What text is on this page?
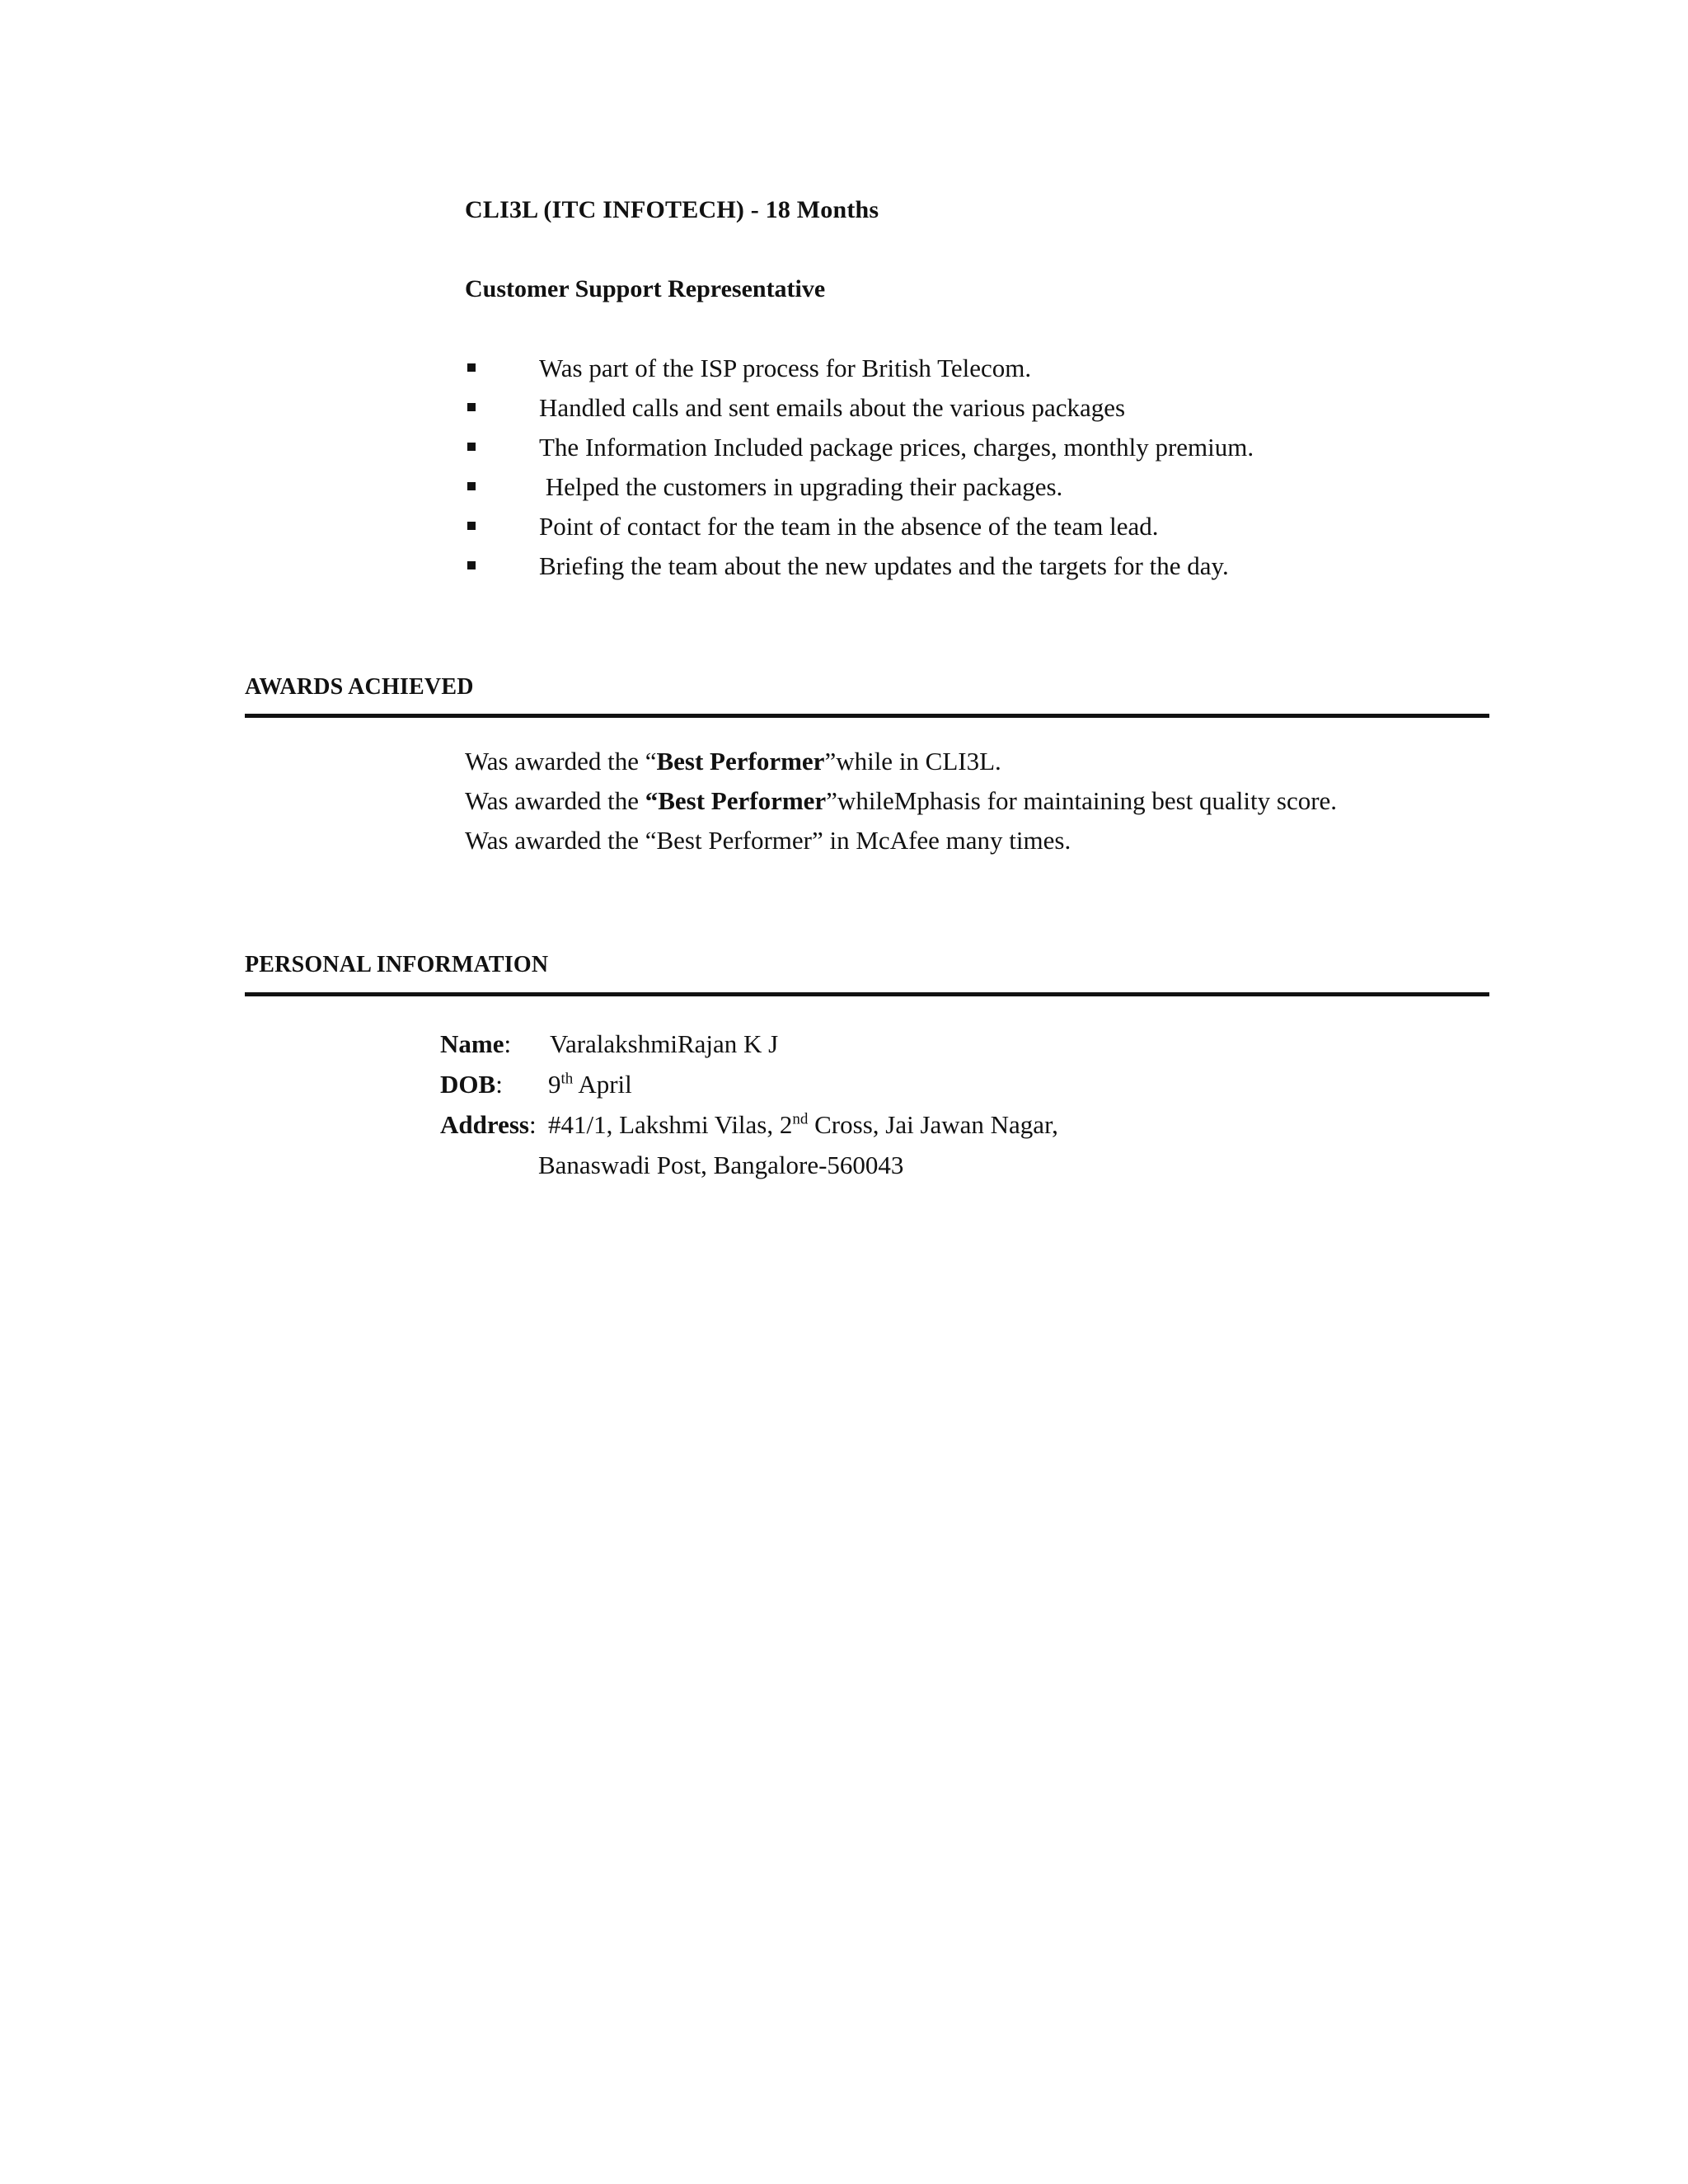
CLI3L (ITC INFOTECH) - 18 Months
Customer Support Representative
Was part of the ISP process for British Telecom.
Handled calls and sent emails about the various packages
The Information Included package prices, charges, monthly premium.
Helped the customers in upgrading their packages.
Point of contact for the team in the absence of the team lead.
Briefing the team about the new updates and the targets for the day.
AWARDS ACHIEVED
Was awarded the “Best Performer”while in CLI3L.
Was awarded the “Best Performer”whileMphasis for maintaining best quality score.
Was awarded the “Best Performer” in McAfee many times.
PERSONAL INFORMATION
Name: VaralakshmiRajan K J
DOB: 9th April
Address: #41/1, Lakshmi Vilas, 2nd Cross, Jai Jawan Nagar,
Banaswadi Post, Bangalore-560043
